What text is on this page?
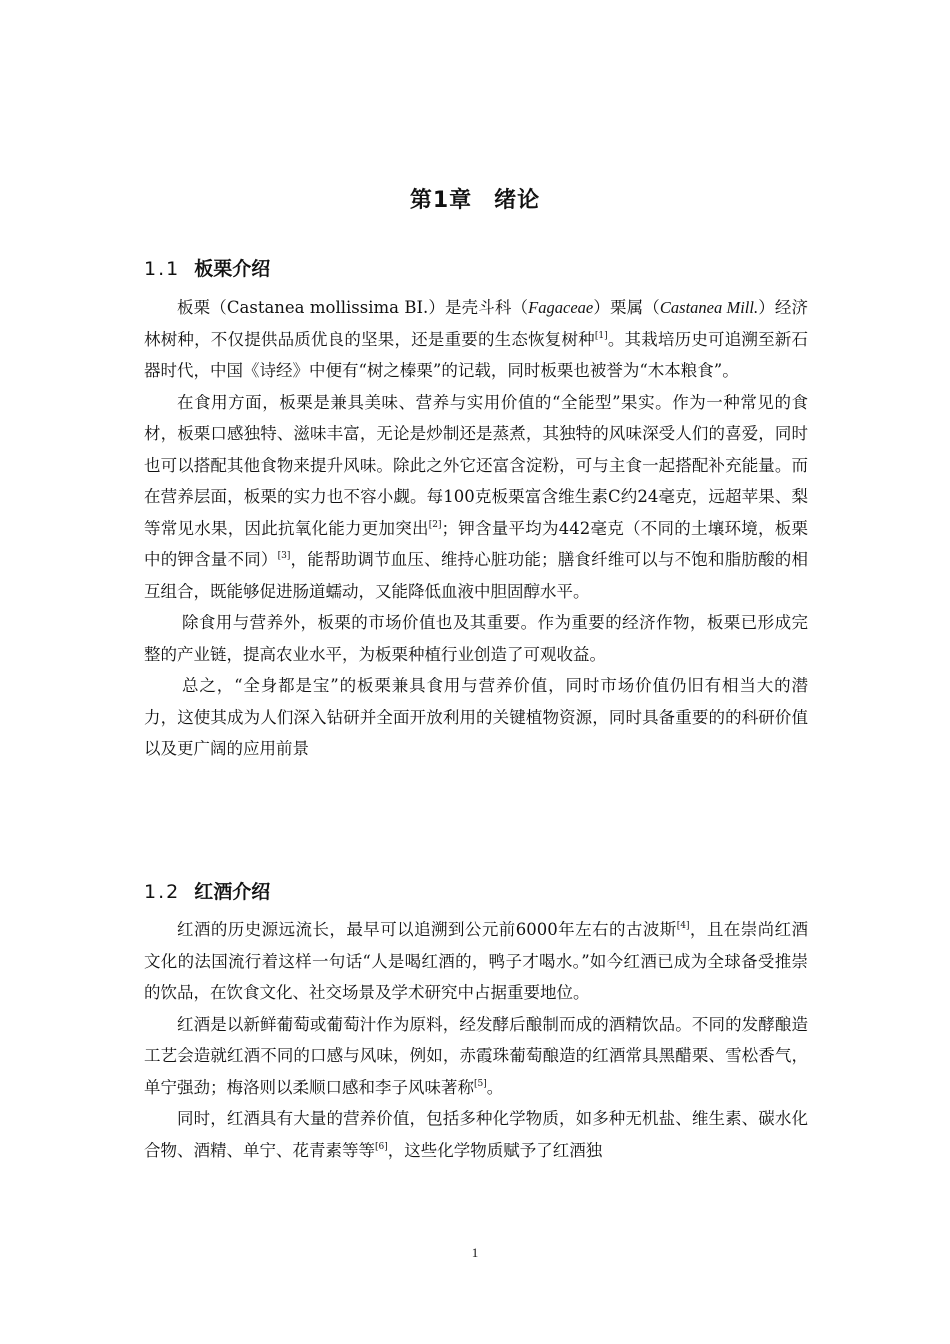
第1章 绪论
1.1 板栗介绍

板栗（Castanea mollissima BI.）是壳斗科（Fagaceae）栗属（Castanea Mill.）经济林树种，不仅提供品质优良的坚果，还是重要的生态恢复树种[1]。其栽培历史可追溯至新石器时代，中国《诗经》中便有“树之榛栗”的记载，同时板栗也被誉为“木本粮食”。

在食用方面，板栗是兼具美味、营养与实用价值的“全能型”果实。作为一种常见的食材，板栗口感独特、滋味丰富，无论是炒制还是蒸煮，其独特的风味深受人们的喜爱，同时也可以搭配其他食物来提升风味。除此之外它还富含淀粉，可与主食一起搭配补充能量。而在营养层面，板栗的实力也不容小觑。每100克板栗富含维生素C约24毫克，远超苹果、梨等常见水果，因此抗氧化能力更加突出[2]；钾含量平均为442毫克（不同的土壤环境，板栗中的钾含量不同）[3]，能帮助调节血压、维持心脏功能；膳食纤维可以与不饱和脂肪酸的相互组合，既能够促进肠道蠕动，又能降低血液中胆固醇水平。

除食用与营养外，板栗的市场价值也及其重要。作为重要的经济作物，板栗已形成完整的产业链，提高农业水平，为板栗种植行业创造了可观收益。

总之，“全身都是宝”的板栗兼具食用与营养价值，同时市场价值仍旧有相当大的潜力，这使其成为人们深入钻研并全面开放利用的关键植物资源，同时具备重要的的科研价值以及更广阔的应用前景

1.2 红酒介绍

红酒的历史源远流长，最早可以追溯到公元前6000年左右的古波斯[4]，且在崇尚红酒文化的法国流行着这样一句话“人是喝红酒的，鸭子才喝水。”如今红酒已成为全球备受推崇的饮品，在饮食文化、社交场景及学术研究中占据重要地位。

红酒是以新鲜葡萄或葡萄汁作为原料，经发酵后酿制而成的酒精饮品。不同的发酵酿造工艺会造就红酒不同的口感与风味，例如，赤霞珠葡萄酿造的红酒常具黑醋栗、雪松香气，单宁强劲；梅洛则以柔顺口感和李子风味著称[5]。

同时，红酒具有大量的营养价值，包括多种化学物质，如多种无机盐、维生素、碳水化合物、酒精、单宁、花青素等等[6]，这些化学物质赋予了红酒独

1
